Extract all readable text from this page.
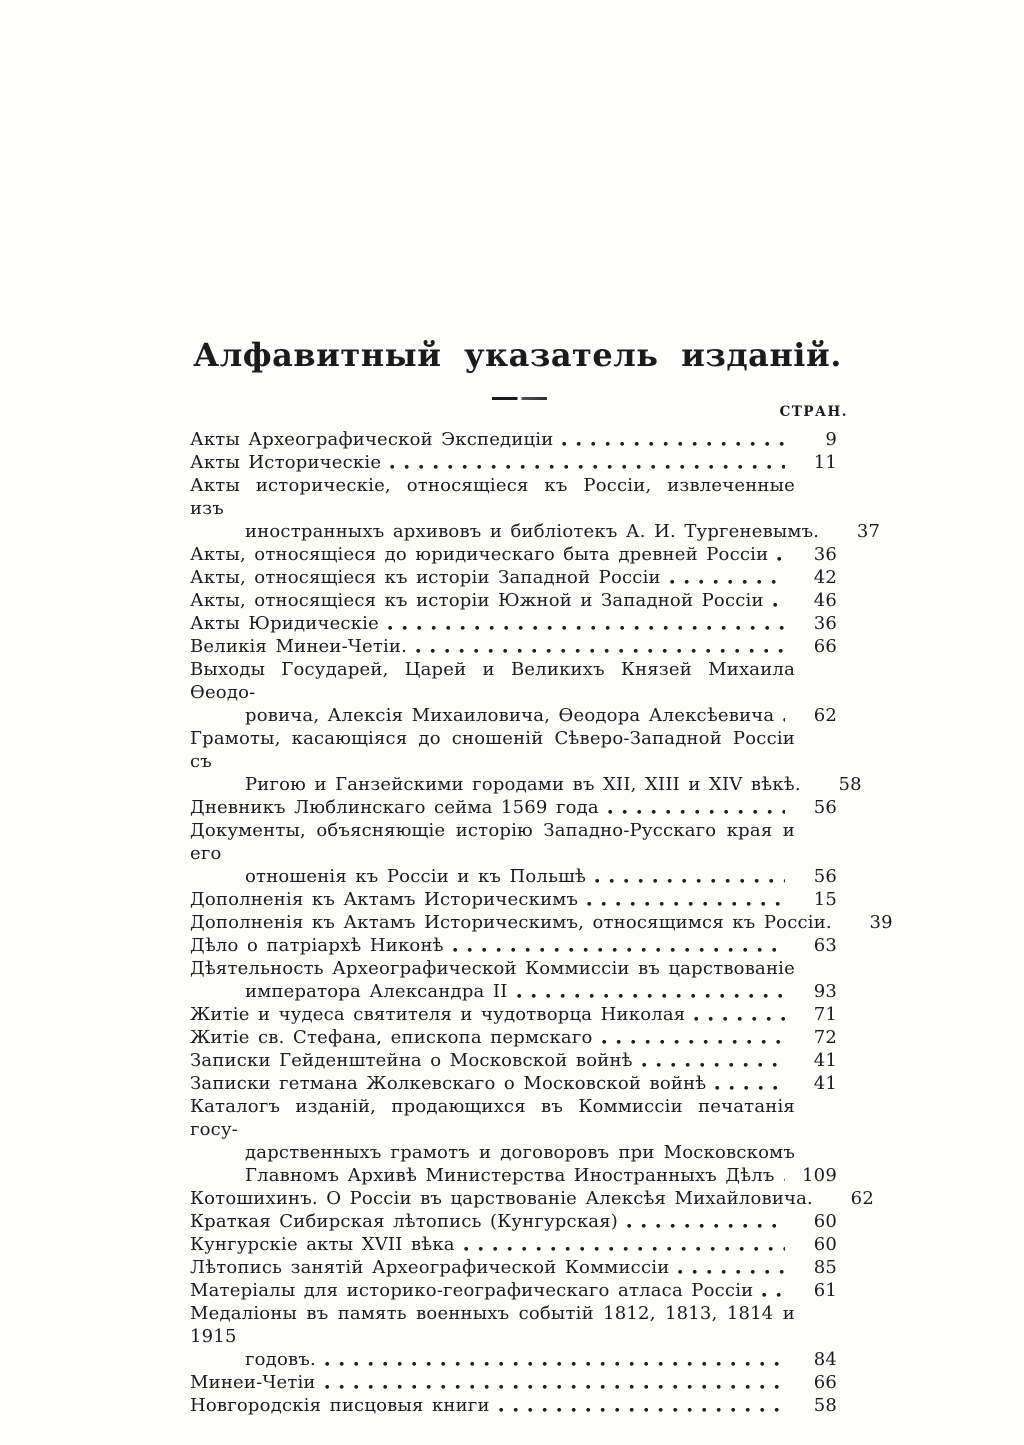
Алфавитный указатель изданій.
СТРАН.
Акты Археографической Экспедиціи	9
Акты Историческіе	11
Акты историческіе, относящіеся къ Россіи, извлеченные изъ
иностранныхъ архивовъ и библіотекъ А. И. Тургеневымъ.	37
Акты, относящіеся до юридическаго быта древней Россіи	36
Акты, относящіеся къ исторіи Западной Россіи	42
Акты, относящіеся къ исторіи Южной и Западной Россіи	46
Акты Юридическіе	36
Великія Минеи-Четіи.	66
Выходы Государей, Царей и Великихъ Князей Михаила Ѳеодо-
ровича, Алексія Михаиловича, Ѳеодора Алексѣевича	62
Грамоты, касающіяся до сношеній Сѣверо-Западной Россіи съ
Ригою и Ганзейскими городами въ XII, XIII и XIV вѣкѣ.	58
Дневникъ Люблинскаго сейма 1569 года	56
Документы, объясняющіе исторію Западно-Русскаго края и его
отношенія къ Россіи и къ Польшѣ	56
Дополненія къ Актамъ Историческимъ	15
Дополненія къ Актамъ Историческимъ, относящимся къ Россіи.	39
Дѣло о патріархѣ Никонѣ	63
Дѣятельность Археографической Коммиссіи въ царствованіе
императора Александра II	93
Житіе и чудеса святителя и чудотворца Николая	71
Житіе св. Стефана, епископа пермскаго	72
Записки Гейденштейна о Московской войнѣ	41
Записки гетмана Жолкевскаго о Московской войнѣ	41
Каталогъ изданій, продающихся въ Коммиссіи печатанія госу-
дарственныхъ грамотъ и договоровъ при Московскомъ
Главномъ Архивѣ Министерства Иностранныхъ Дѣлъ	109
Котошихинъ. О Россіи въ царствованіе Алексѣя Михайловича.	62
Краткая Сибирская лѣтопись (Кунгурская)	60
Кунгурскіе акты XVII вѣка	60
Лѣтопись занятій Археографической Коммиссіи	85
Матеріалы для историко-географическаго атласа Россіи	61
Медаліоны въ память военныхъ событій 1812, 1813, 1814 и 1915
годовъ.	84
Минеи-Четіи	66
Новгородскія писцовыя книги	58
